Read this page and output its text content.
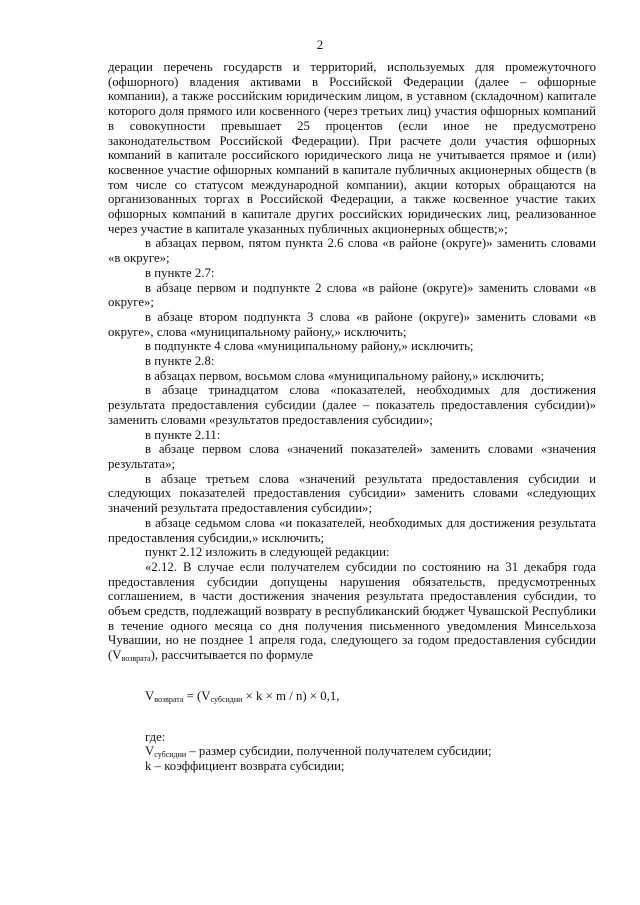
2

дерации перечень государств и территорий, используемых для промежуточного (офшорного) владения активами в Российской Федерации (далее – офшорные компании), а также российским юридическим лицом, в уставном (складочном) капитале которого доля прямого или косвенного (через третьих лиц) участия офшорных компаний в совокупности превышает 25 процентов (если иное не предусмотрено законодательством Российской Федерации). При расчете доли участия офшорных компаний в капитале российского юридического лица не учитывается прямое и (или) косвенное участие офшорных компаний в капитале публичных акционерных обществ (в том числе со статусом международной компании), акции которых обращаются на организованных торгах в Российской Федерации, а также косвенное участие таких офшорных компаний в капитале других российских юридических лиц, реализованное через участие в капитале указанных публичных акционерных обществ;»;

в абзацах первом, пятом пункта 2.6 слова «в районе (округе)» заменить словами «в округе»;

в пункте 2.7:

в абзаце первом и подпункте 2 слова «в районе (округе)» заменить словами «в округе»;

в абзаце втором подпункта 3 слова «в районе (округе)» заменить словами «в округе», слова «муниципальному району,» исключить;

в подпункте 4 слова «муниципальному району,» исключить;

в пункте 2.8:

в абзацах первом, восьмом слова «муниципальному району,» исключить;

в абзаце тринадцатом слова «показателей, необходимых для достижения результата предоставления субсидии (далее – показатель предоставления субсидии)» заменить словами «результатов предоставления субсидии»;

в пункте 2.11:

в абзаце первом слова «значений показателей» заменить словами «значения результата»;

в абзаце третьем слова «значений результата предоставления субсидии и следующих показателей предоставления субсидии» заменить словами «следующих значений результата предоставления субсидии»;

в абзаце седьмом слова «и показателей, необходимых для достижения результата предоставления субсидии,» исключить;

пункт 2.12 изложить в следующей редакции:

«2.12. В случае если получателем субсидии по состоянию на 31 декабря года предоставления субсидии допущены нарушения обязательств, предусмотренных соглашением, в части достижения значения результата предоставления субсидии, то объем средств, подлежащий возврату в республиканский бюджет Чувашской Республики в течение одного месяца со дня получения письменного уведомления Минсельхоза Чувашии, но не позднее 1 апреля года, следующего за годом предоставления субсидии $(V_{возврата})$, рассчитывается по формуле

$V_{возврата} = (V_{субсидии} \times k \times m / n) \times 0,1$,
где:
$V_{субсидии}$ – размер субсидии, полученной получателем субсидии;
k – коэффициент возврата субсидии;
